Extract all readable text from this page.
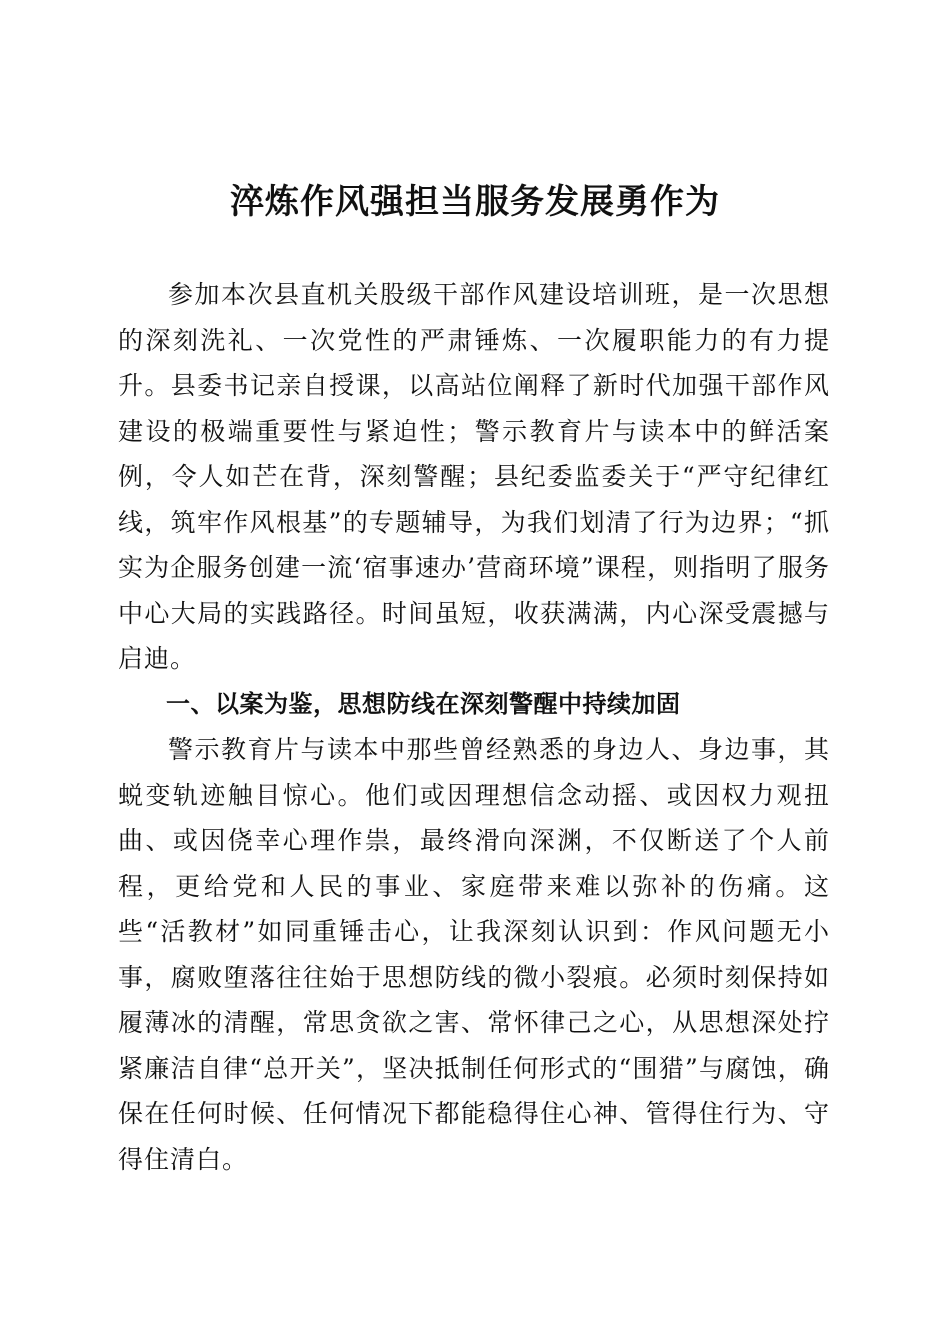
淬炼作风强担当服务发展勇作为

参加本次县直机关股级干部作风建设培训班，是一次思想的深刻洗礼、一次党性的严肃锤炼、一次履职能力的有力提升。县委书记亲自授课，以高站位阐释了新时代加强干部作风建设的极端重要性与紧迫性；警示教育片与读本中的鲜活案例，令人如芒在背，深刻警醒；县纪委监委关于“严守纪律红线，筑牢作风根基”的专题辅导，为我们划清了行为边界；“抓实为企服务创建一流‘宿事速办’营商环境”课程，则指明了服务中心大局的实践路径。时间虽短，收获满满，内心深受震撼与启迪。

一、以案为鉴，思想防线在深刻警醒中持续加固

警示教育片与读本中那些曾经熟悉的身边人、身边事，其蜕变轨迹触目惊心。他们或因理想信念动摇、或因权力观扭曲、或因侥幸心理作祟，最终滑向深渊，不仅断送了个人前程，更给党和人民的事业、家庭带来难以弥补的伤痛。这些“活教材”如同重锤击心，让我深刻认识到：作风问题无小事，腐败堕落往往始于思想防线的微小裂痕。必须时刻保持如履薄冰的清醒，常思贪欲之害、常怀律己之心，从思想深处拧紧廉洁自律“总开关”，坚决抵制任何形式的“围猎”与腐蚀，确保在任何时候、任何情况下都能稳得住心神、管得住行为、守得住清白。
